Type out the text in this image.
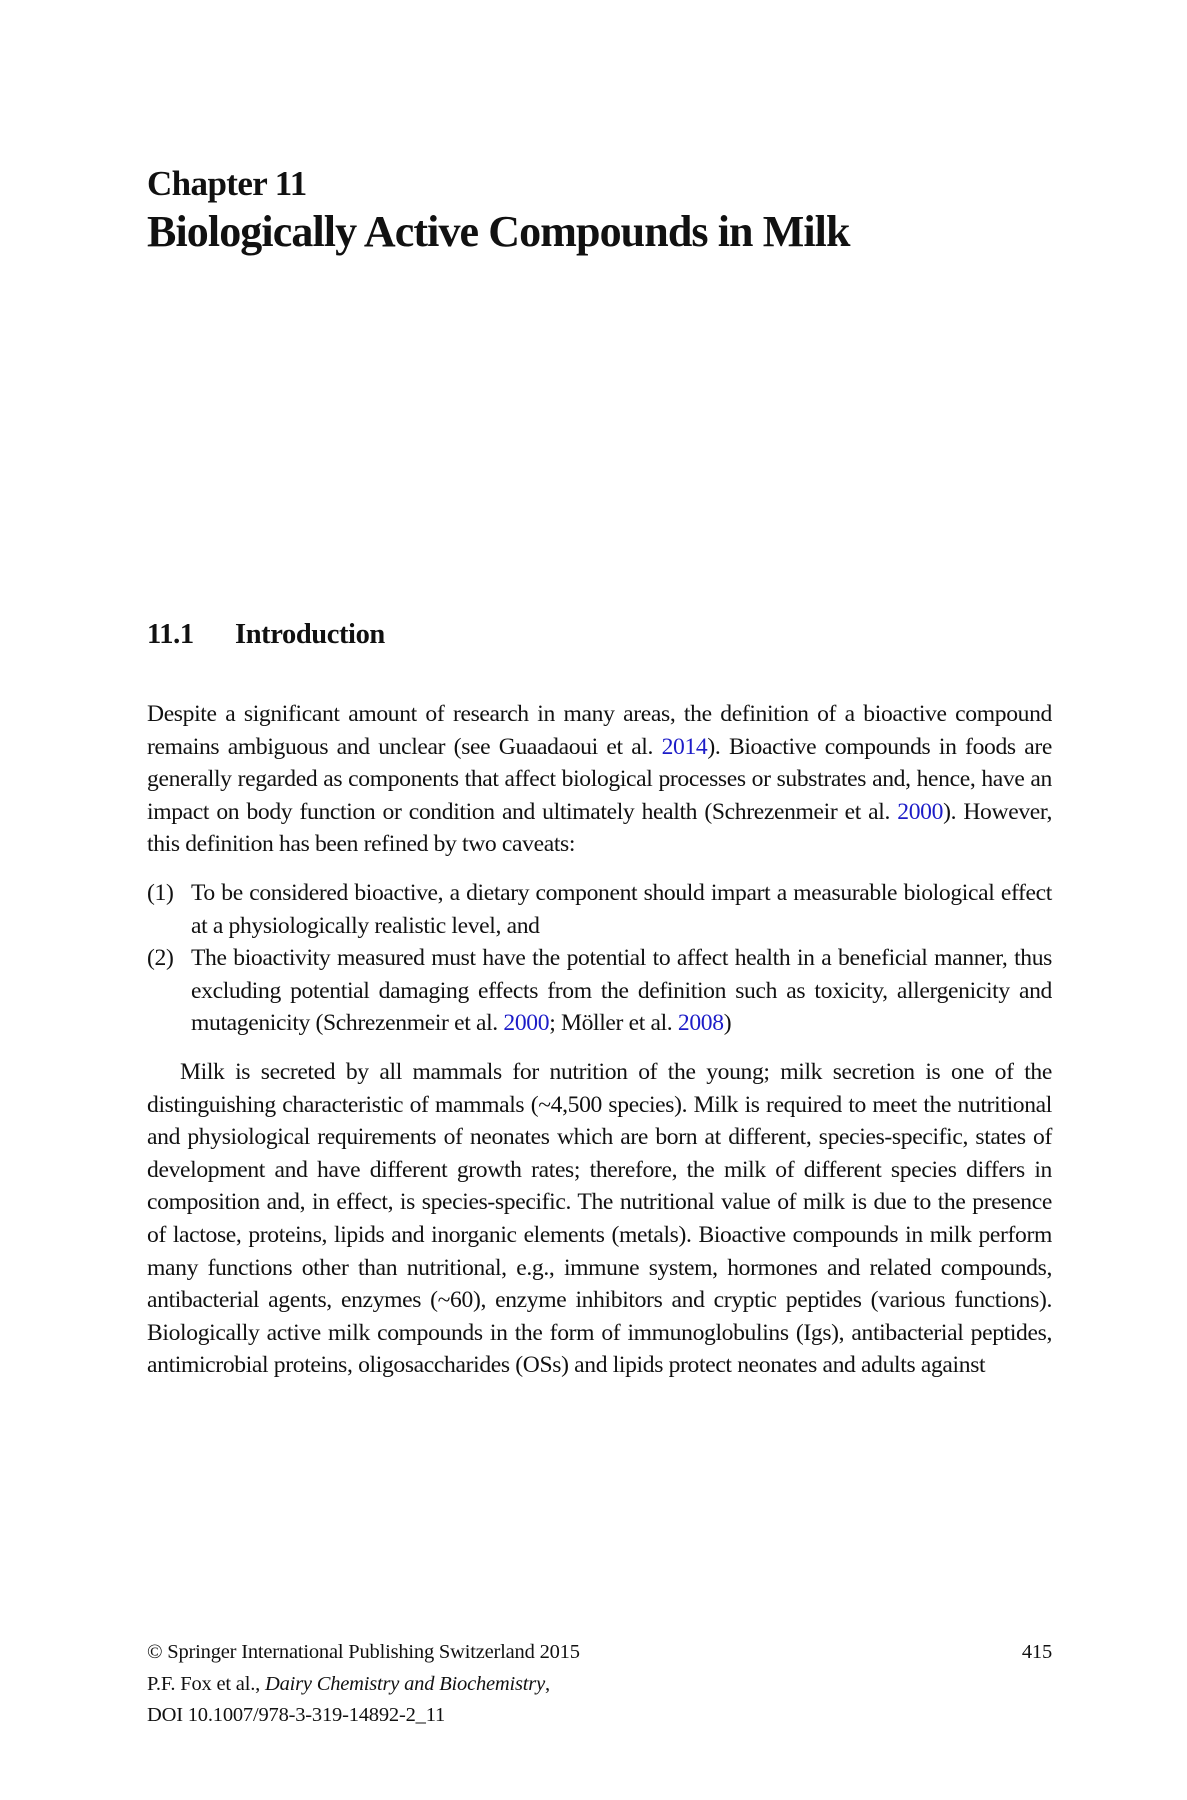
Chapter 11
Biologically Active Compounds in Milk
11.1 Introduction

Despite a significant amount of research in many areas, the definition of a bioactive compound remains ambiguous and unclear (see Guaadaoui et al. 2014). Bioactive compounds in foods are generally regarded as components that affect biological processes or substrates and, hence, have an impact on body function or condition and ultimately health (Schrezenmeir et al. 2000). However, this definition has been refined by two caveats:

(1) To be considered bioactive, a dietary component should impart a measurable biological effect at a physiologically realistic level, and
(2) The bioactivity measured must have the potential to affect health in a beneficial manner, thus excluding potential damaging effects from the definition such as toxicity, allergenicity and mutagenicity (Schrezenmeir et al. 2000; Möller et al. 2008)

Milk is secreted by all mammals for nutrition of the young; milk secretion is one of the distinguishing characteristic of mammals (~4,500 species). Milk is required to meet the nutritional and physiological requirements of neonates which are born at different, species-specific, states of development and have different growth rates; therefore, the milk of different species differs in composition and, in effect, is species-specific. The nutritional value of milk is due to the presence of lactose, proteins, lipids and inorganic elements (metals). Bioactive compounds in milk perform many functions other than nutritional, e.g., immune system, hormones and related compounds, antibacterial agents, enzymes (~60), enzyme inhibitors and cryptic peptides (various functions). Biologically active milk compounds in the form of immunoglobulins (Igs), antibacterial peptides, antimicrobial proteins, oligosaccharides (OSs) and lipids protect neonates and adults against

© Springer International Publishing Switzerland 2015
P.F. Fox et al., Dairy Chemistry and Biochemistry,
DOI 10.1007/978-3-319-14892-2_11
415
